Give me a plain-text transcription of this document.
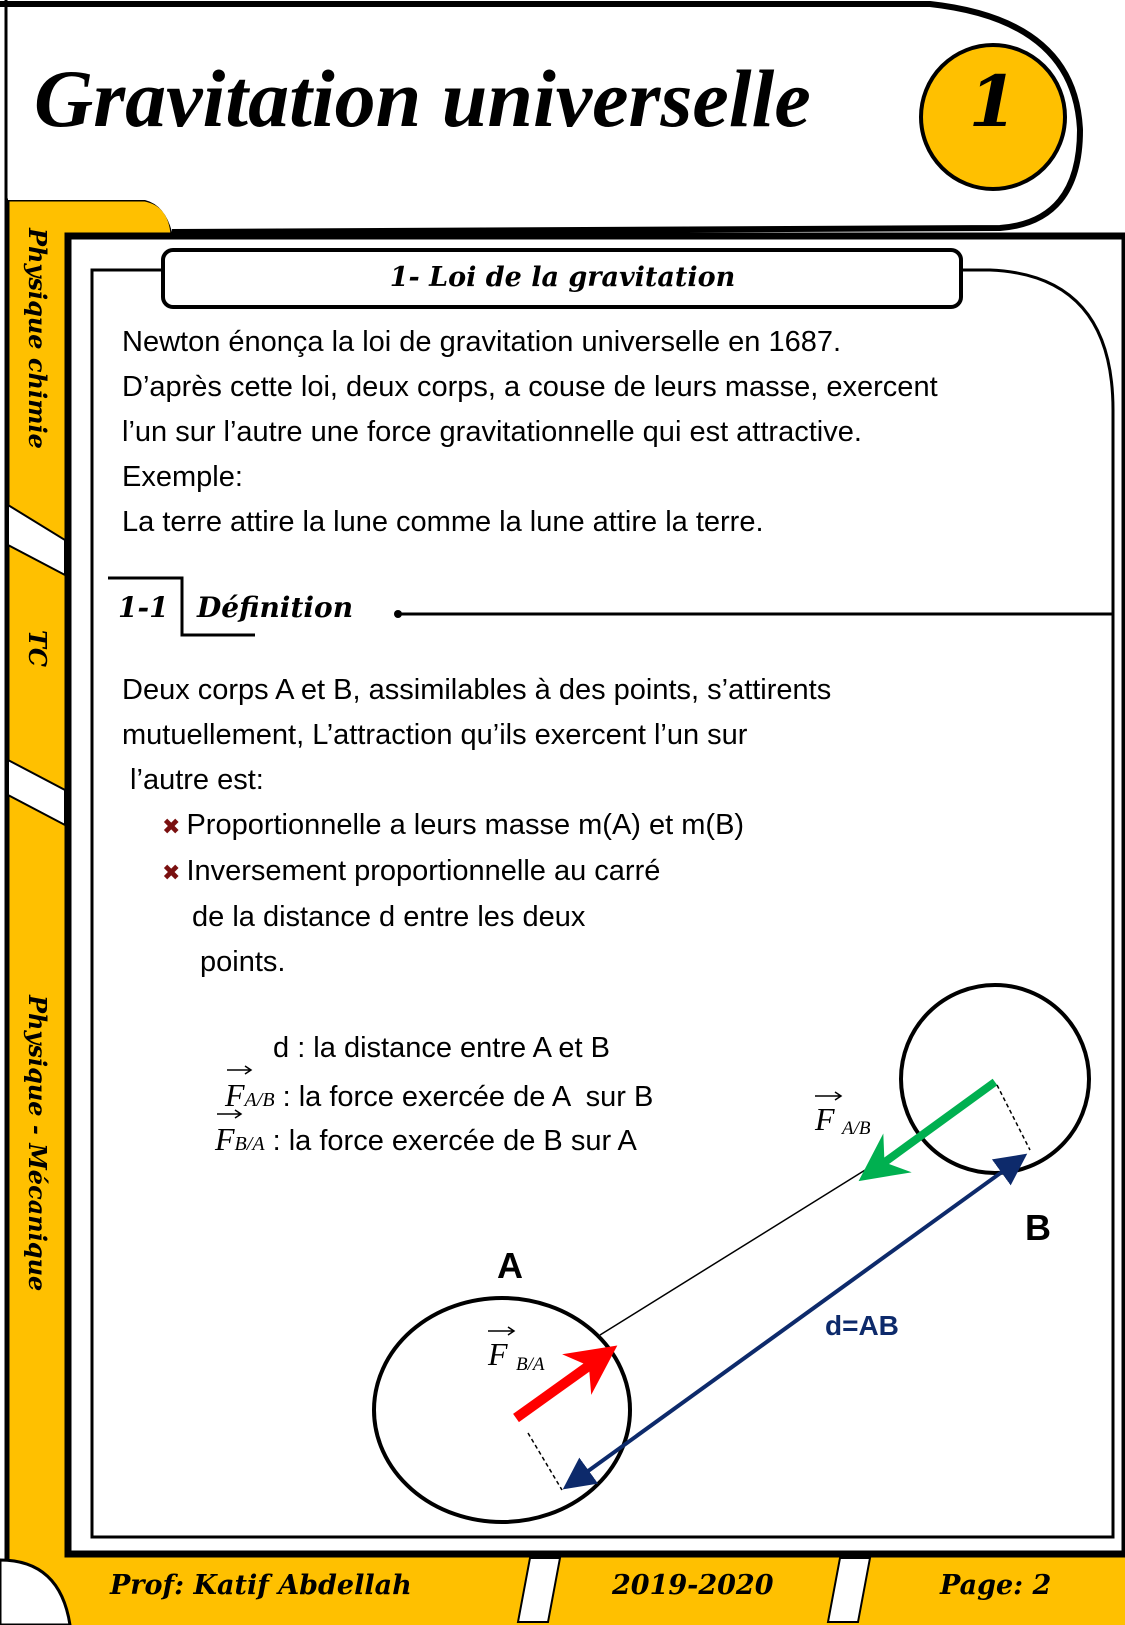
A
B
d=AB
F A/B
F B/A
Gravitation universelle 1
Physique chimie
TC
Physique - Mécanique
1- Loi de la gravitation
Newton énonça la loi de gravitation universelle en 1687.
D’après cette loi, deux corps, a couse de leurs masse, exercent
l’un sur l’autre une force gravitationnelle qui est attractive.
Exemple:
La terre attire la lune comme la lune attire la terre.
1-1 Définition
Deux corps A et B, assimilables à des points, s’attirents
mutuellement, L’attraction qu’ils exercent l’un sur
l’autre est:
✖ Proportionnelle a leurs masse m(A) et m(B)
✖ Inversement proportionnelle au carré
de la distance d entre les deux
points.
d : la distance entre A et B
FA/B : la force exercée de A  sur B
FB/A : la force exercée de B sur A
Prof: Katif Abdellah	2019-2020	Page: 2
